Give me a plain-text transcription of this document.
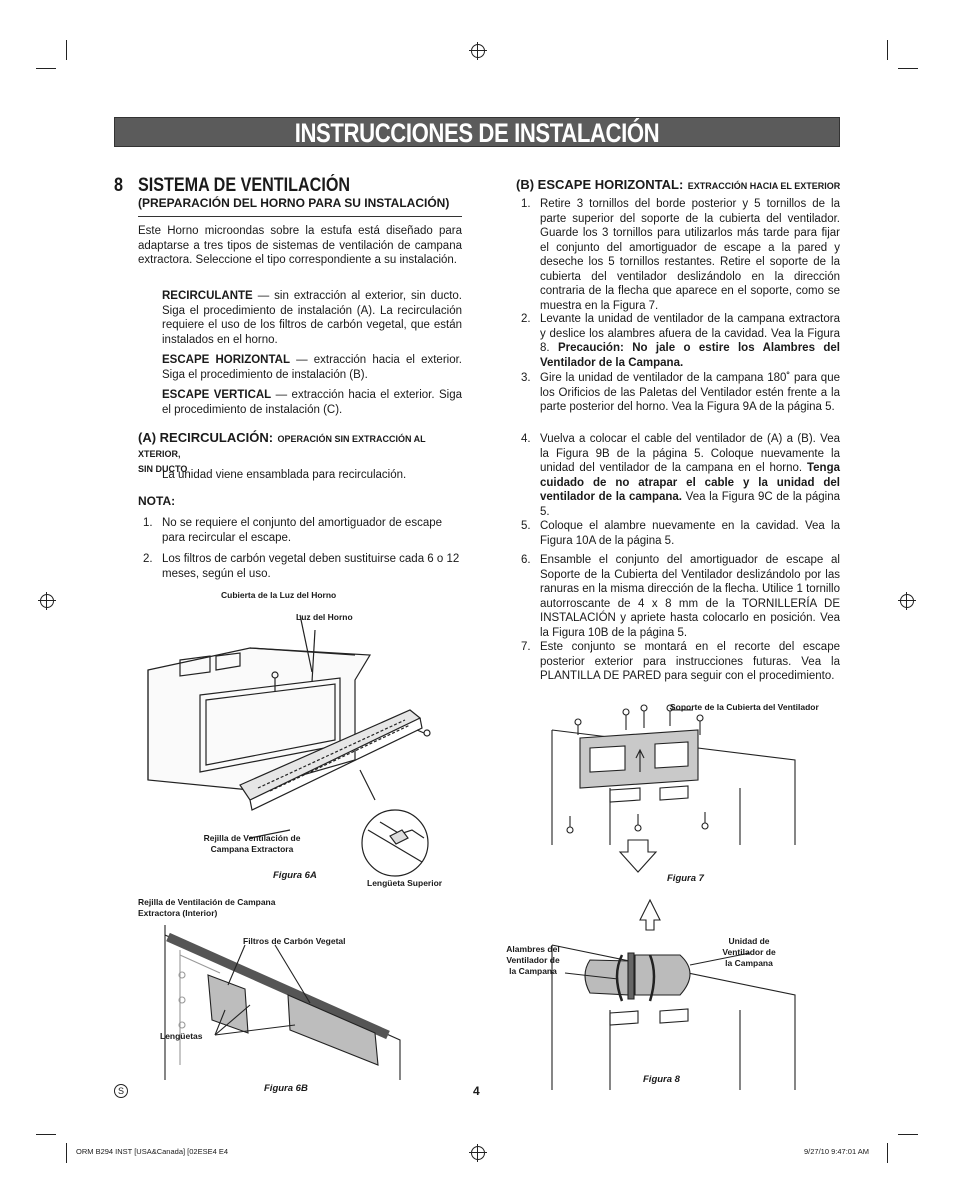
INSTRUCCIONES DE INSTALACIÓN
8 SISTEMA DE VENTILACIÓN
(PREPARACIÓN DEL HORNO PARA SU INSTALACIÓN)
Este Horno microondas sobre la estufa está diseñado para adaptarse a tres tipos de sistemas de ventilación de campana extractora. Seleccione el tipo correspondiente a su instalación.
RECIRCULANTE — sin extracción al exterior, sin ducto. Siga el procedimiento de instalación (A). La recirculación requiere el uso de los filtros de carbón vegetal, que están instalados en el horno.
ESCAPE HORIZONTAL — extracción hacia el exterior. Siga el procedimiento de instalación (B).
ESCAPE VERTICAL — extracción hacia el exterior. Siga el procedimiento de instalación (C).
(A) RECIRCULACIÓN: OPERACIÓN SIN EXTRACCIÓN AL XTERIOR,
SIN DUCTO
La unidad viene ensamblada para recirculación.
NOTA:
1. No se requiere el conjunto del amortiguador de escape para recircular el escape.
2. Los filtros de carbón vegetal deben sustituirse cada 6 o 12 meses, según el uso.
(B) ESCAPE HORIZONTAL: EXTRACCIÓN HACIA EL EXTERIOR
1. Retire 3 tornillos del borde posterior y 5 tornillos de la parte superior del soporte de la cubierta del ventilador. Guarde los 3 tornillos para utilizarlos más tarde para fijar el conjunto del amortiguador de escape a la pared y deseche los 5 tornillos restantes. Retire el soporte de la cubierta del ventilador deslizándolo en la dirección contraria de la flecha que aparece en el soporte, como se muestra en la Figura 7.
2. Levante la unidad de ventilador de la campana extractora y deslice los alambres afuera de la cavidad. Vea la Figura 8. Precaución: No jale o estire los Alambres del Ventilador de la Campana.
3. Gire la unidad de ventilador de la campana 180˚ para que los Orificios de las Paletas del Ventilador estén frente a la parte posterior del horno. Vea la Figura 9A de la página 5.
4. Vuelva a colocar el cable del ventilador de (A) a (B). Vea la Figura 9B de la página 5. Coloque nuevamente la unidad del ventilador de la campana en el horno. Tenga cuidado de no atrapar el cable y la unidad del ventilador de la campana. Vea la Figura 9C de la página 5.
5. Coloque el alambre nuevamente en la cavidad. Vea la Figura 10A de la página 5.
6. Ensamble el conjunto del amortiguador de escape al Soporte de la Cubierta del Ventilador deslizándolo por las ranuras en la misma dirección de la flecha. Utilice 1 tornillo autorroscante de 4 x 8 mm de la TORNILLERÍA DE INSTALACIÓN y apriete hasta colocarlo en posición. Vea la Figura 10B de la página 5.
7. Este conjunto se montará en el recorte del escape posterior exterior para instrucciones futuras. Vea la PLANTILLA DE PARED para seguir con el procedimiento.
Cubierta de la Luz del Horno
Luz del Horno
Rejilla de Ventilación de
Campana Extractora
Figura 6A
Lengüeta Superior
Rejilla de Ventilación de Campana
Extractora (Interior)
Filtros de Carbón Vegetal
Lengüetas
Figura 6B
Soporte de la Cubierta del Ventilador
Figura 7
Alambres del
Ventilador de
la Campana
Unidad de
Ventilador de
la Campana
Figura 8
S	4
ORM B294 INST [USA&Canada] [02ESE4 E4	9/27/10 9:47:01 AM
